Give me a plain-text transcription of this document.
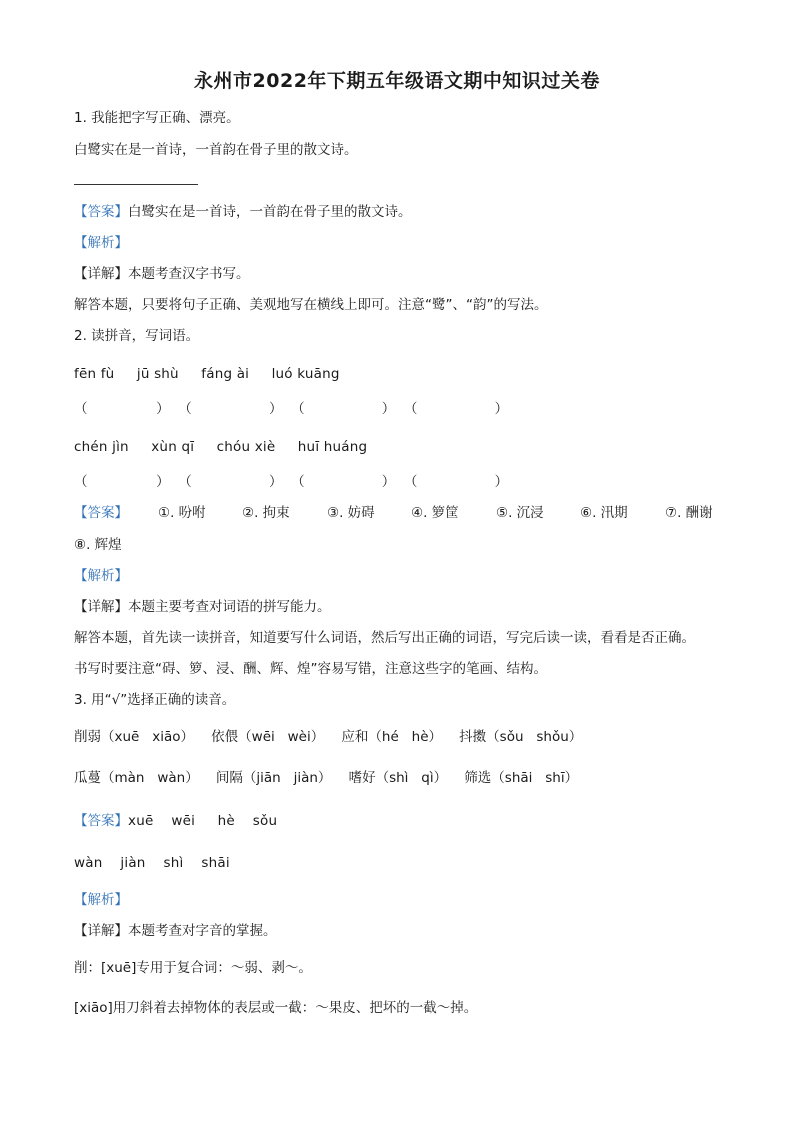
永州市2022年下期五年级语文期中知识过关卷
1. 我能把字写正确、漂亮。
白鹭实在是一首诗，一首韵在骨子里的散文诗。
【答案】白鹭实在是一首诗，一首韵在骨子里的散文诗。
【解析】
【详解】本题考查汉字书写。
解答本题，只要将句子正确、美观地写在横线上即可。注意“鹭”、“韵”的写法。
2. 读拼音，写词语。
fēn fù     jū shù     fáng ài     luó kuāng
（                ）  （                  ）  （                  ）  （                  ）
chén jìn     xùn qī     chóu xiè     huī huáng
（                ）  （                  ）  （                  ）  （                  ）
【答案】 ①. 吩咐	②. 拘束	③. 妨碍	④. 箩筐	⑤. 沉浸	⑥. 汛期	⑦. 酬谢
⑧. 辉煌
【解析】
【详解】本题主要考查对词语的拼写能力。
解答本题，首先读一读拼音，知道要写什么词语，然后写出正确的词语，写完后读一读，看看是否正确。
书写时要注意“碍、箩、浸、酬、辉、煌”容易写错，注意这些字的笔画、结构。
3. 用“√”选择正确的读音。
削弱（xuē   xiāo）    依偎（wēi   wèi）    应和（hé   hè）    抖擞（sǒu   shǒu）
瓜蔓（màn   wàn）    间隔（jiān   jiàn）    嗜好（shì   qì）    筛选（shāi   shī）
【答案】xuē    wēi     hè    sǒu
wàn    jiàn    shì    shāi
【解析】
【详解】本题考查对字音的掌握。
削：[xuē]专用于复合词：～弱、剥～。
[xiāo]用刀斜着去掉物体的表层或一截：～果皮、把坏的一截～掉。
